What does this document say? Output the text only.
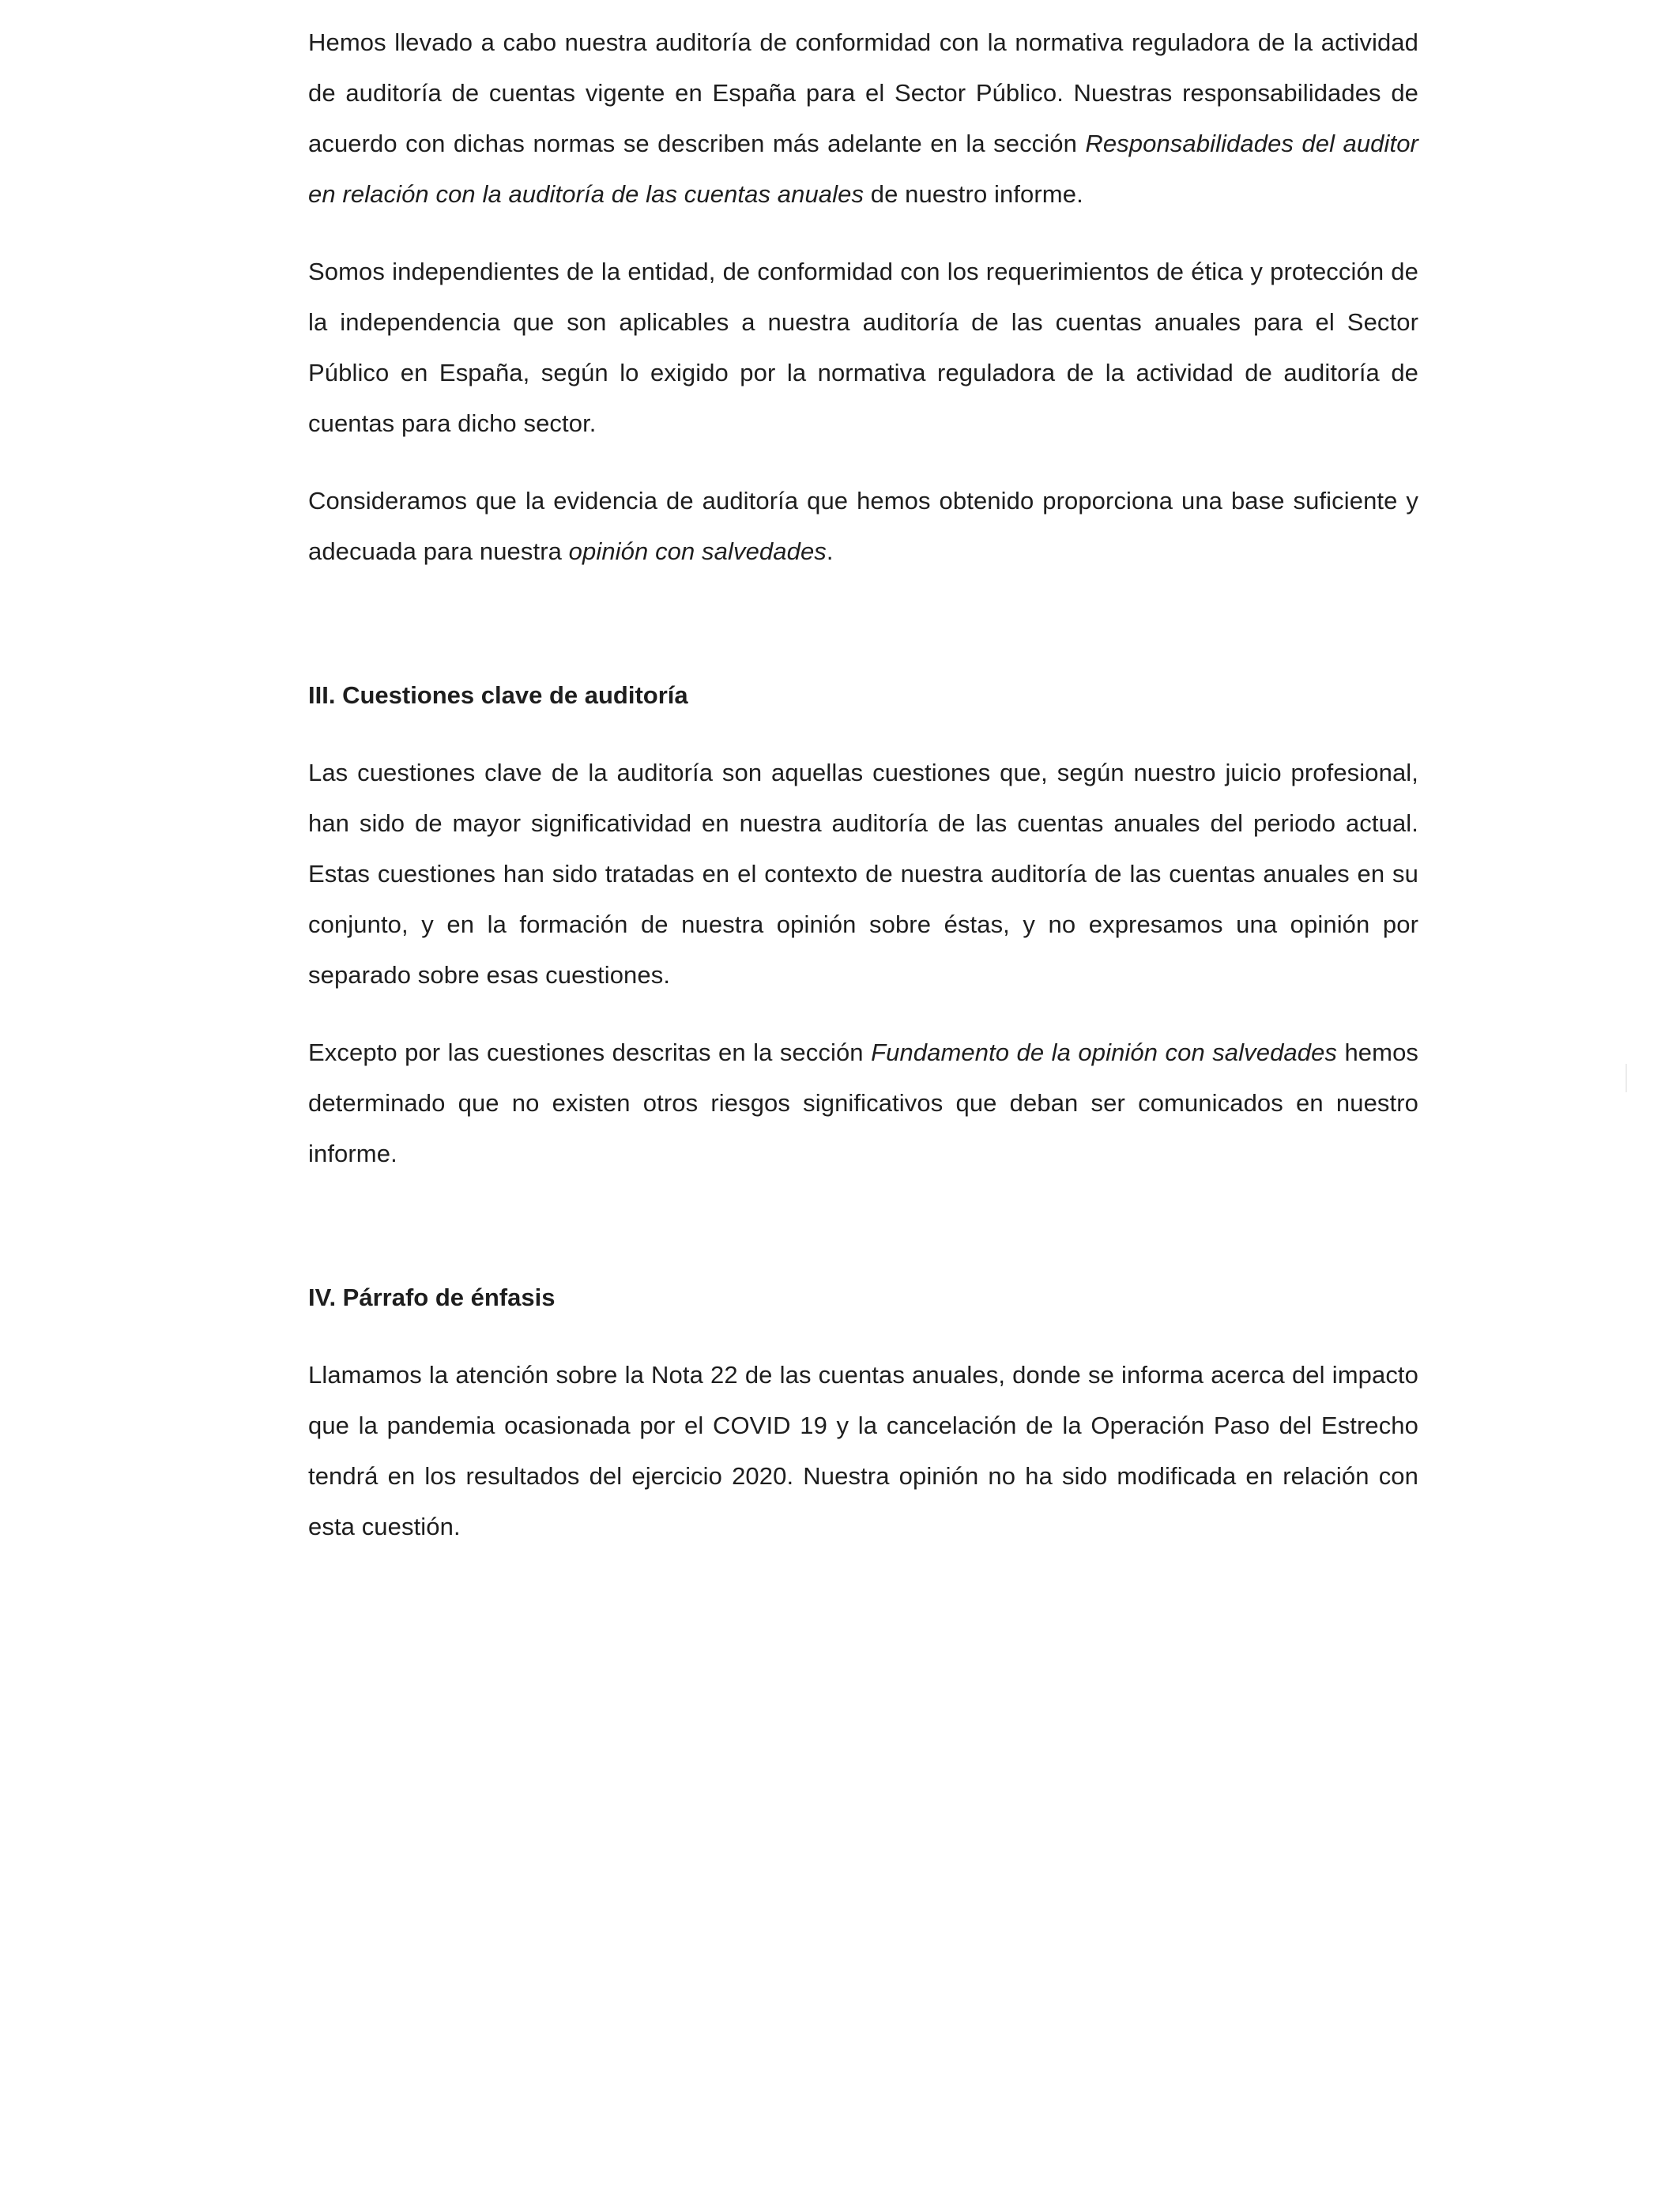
Hemos llevado a cabo nuestra auditoría de conformidad con la normativa reguladora de la actividad de auditoría de cuentas vigente en España para el Sector Público. Nuestras responsabilidades de acuerdo con dichas normas se describen más adelante en la sección Responsabilidades del auditor en relación con la auditoría de las cuentas anuales de nuestro informe.

Somos independientes de la entidad, de conformidad con los requerimientos de ética y protección de la independencia que son aplicables a nuestra auditoría de las cuentas anuales para el Sector Público en España, según lo exigido por la normativa reguladora de la actividad de auditoría de cuentas para dicho sector.

Consideramos que la evidencia de auditoría que hemos obtenido proporciona una base suficiente y adecuada para nuestra opinión con salvedades.

III. Cuestiones clave de auditoría

Las cuestiones clave de la auditoría son aquellas cuestiones que, según nuestro juicio profesional, han sido de mayor significatividad en nuestra auditoría de las cuentas anuales del periodo actual. Estas cuestiones han sido tratadas en el contexto de nuestra auditoría de las cuentas anuales en su conjunto, y en la formación de nuestra opinión sobre éstas, y no expresamos una opinión por separado sobre esas cuestiones.

Excepto por las cuestiones descritas en la sección Fundamento de la opinión con salvedades hemos determinado que no existen otros riesgos significativos que deban ser comunicados en nuestro informe.

IV. Párrafo de énfasis

Llamamos la atención sobre la Nota 22 de las cuentas anuales, donde se informa acerca del impacto que la pandemia ocasionada por el COVID 19 y la cancelación de la Operación Paso del Estrecho tendrá en los resultados del ejercicio 2020. Nuestra opinión no ha sido modificada en relación con esta cuestión.
